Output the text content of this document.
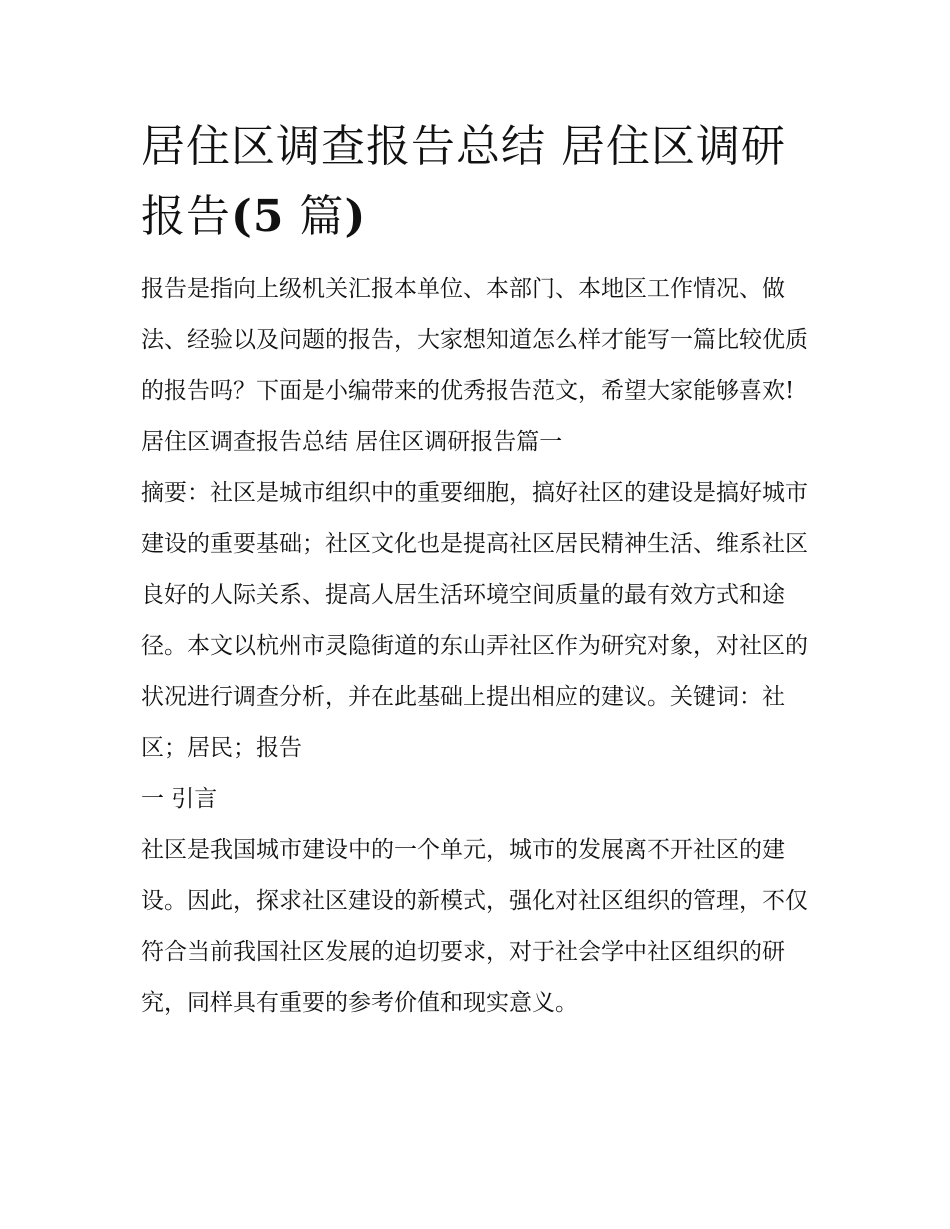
居住区调查报告总结 居住区调研报告(5 篇)

报告是指向上级机关汇报本单位、本部门、本地区工作情况、做法、经验以及问题的报告，大家想知道怎么样才能写一篇比较优质的报告吗？下面是小编带来的优秀报告范文，希望大家能够喜欢!

居住区调查报告总结 居住区调研报告篇一

摘要：社区是城市组织中的重要细胞，搞好社区的建设是搞好城市建设的重要基础；社区文化也是提高社区居民精神生活、维系社区良好的人际关系、提高人居生活环境空间质量的最有效方式和途径。本文以杭州市灵隐街道的东山弄社区作为研究对象，对社区的状况进行调查分析，并在此基础上提出相应的建议。关键词：社区；居民；报告

一 引言

社区是我国城市建设中的一个单元，城市的发展离不开社区的建设。因此，探求社区建设的新模式，强化对社区组织的管理，不仅符合当前我国社区发展的迫切要求，对于社会学中社区组织的研究，同样具有重要的参考价值和现实意义。
